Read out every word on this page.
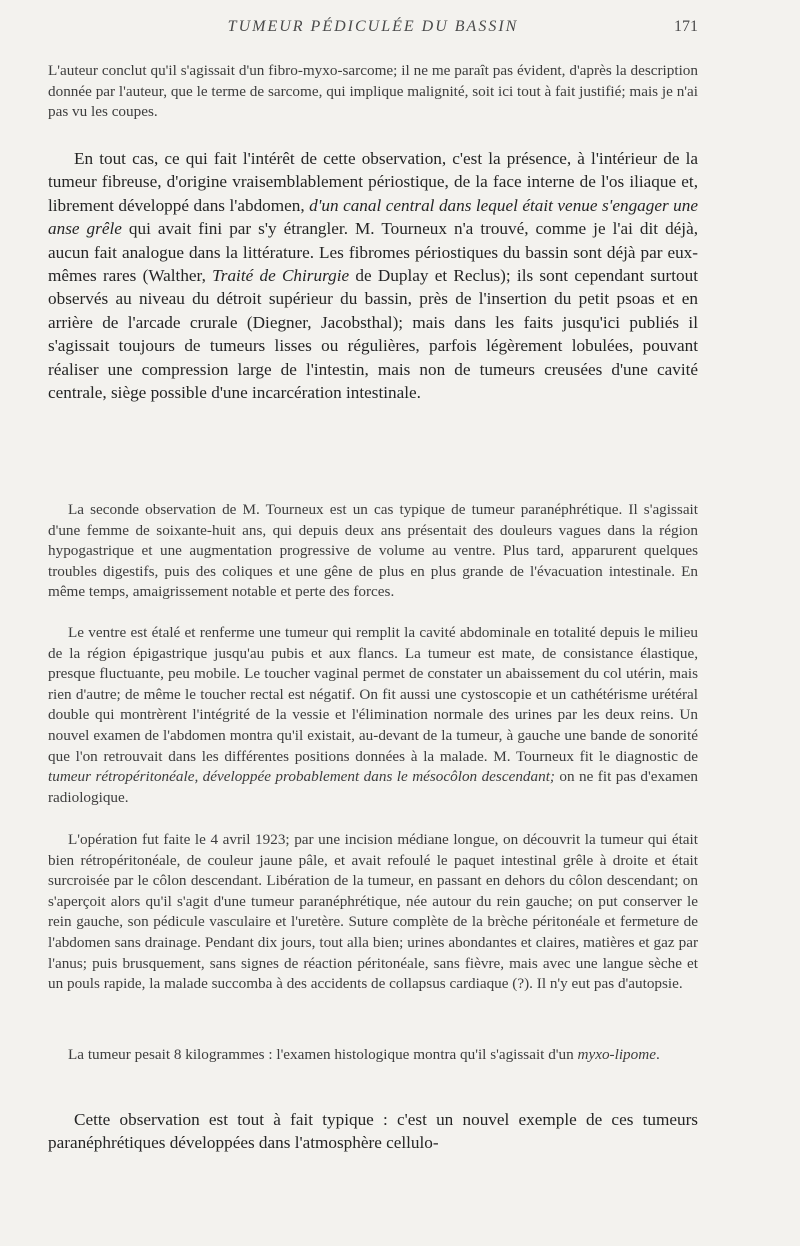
TUMEUR PÉDICULÉE DU BASSIN	171

L'auteur conclut qu'il s'agissait d'un fibro-myxo-sarcome; il ne me paraît pas évident, d'après la description donnée par l'auteur, que le terme de sarcome, qui implique malignité, soit ici tout à fait justifié; mais je n'ai pas vu les coupes.

En tout cas, ce qui fait l'intérêt de cette observation, c'est la présence, à l'intérieur de la tumeur fibreuse, d'origine vraisemblablement périostique, de la face interne de l'os iliaque et, librement développé dans l'abdomen, d'un canal central dans lequel était venue s'engager une anse grêle qui avait fini par s'y étrangler. M. Tourneux n'a trouvé, comme je l'ai dit déjà, aucun fait analogue dans la littérature. Les fibromes périostiques du bassin sont déjà par eux-mêmes rares (Walther, Traité de Chirurgie de Duplay et Reclus); ils sont cependant surtout observés au niveau du détroit supérieur du bassin, près de l'insertion du petit psoas et en arrière de l'arcade crurale (Diegner, Jacobsthal); mais dans les faits jusqu'ici publiés il s'agissait toujours de tumeurs lisses ou régulières, parfois légèrement lobulées, pouvant réaliser une compression large de l'intestin, mais non de tumeurs creusées d'une cavité centrale, siège possible d'une incarcération intestinale.

La seconde observation de M. Tourneux est un cas typique de tumeur paranéphrétique. Il s'agissait d'une femme de soixante-huit ans, qui depuis deux ans présentait des douleurs vagues dans la région hypogastrique et une augmentation progressive de volume au ventre. Plus tard, apparurent quelques troubles digestifs, puis des coliques et une gêne de plus en plus grande de l'évacuation intestinale. En même temps, amaigrissement notable et perte des forces.

Le ventre est étalé et renferme une tumeur qui remplit la cavité abdominale en totalité depuis le milieu de la région épigastrique jusqu'au pubis et aux flancs. La tumeur est mate, de consistance élastique, presque fluctuante, peu mobile. Le toucher vaginal permet de constater un abaissement du col utérin, mais rien d'autre; de même le toucher rectal est négatif. On fit aussi une cystoscopie et un cathétérisme urétéral double qui montrèrent l'intégrité de la vessie et l'élimination normale des urines par les deux reins. Un nouvel examen de l'abdomen montra qu'il existait, au-devant de la tumeur, à gauche une bande de sonorité que l'on retrouvait dans les différentes positions données à la malade. M. Tourneux fit le diagnostic de tumeur rétropéritonéale, développée probablement dans le mésocôlon descendant; on ne fit pas d'examen radiologique.

L'opération fut faite le 4 avril 1923; par une incision médiane longue, on découvrit la tumeur qui était bien rétropéritonéale, de couleur jaune pâle, et avait refoulé le paquet intestinal grêle à droite et était surcroisée par le côlon descendant. Libération de la tumeur, en passant en dehors du côlon descendant; on s'aperçoit alors qu'il s'agit d'une tumeur paranéphrétique, née autour du rein gauche; on put conserver le rein gauche, son pédicule vasculaire et l'uretère. Suture complète de la brèche péritonéale et fermeture de l'abdomen sans drainage. Pendant dix jours, tout alla bien; urines abondantes et claires, matières et gaz par l'anus; puis brusquement, sans signes de réaction péritonéale, sans fièvre, mais avec une langue sèche et un pouls rapide, la malade succomba à des accidents de collapsus cardiaque (?). Il n'y eut pas d'autopsie.

La tumeur pesait 8 kilogrammes : l'examen histologique montra qu'il s'agissait d'un myxo-lipome.

Cette observation est tout à fait typique : c'est un nouvel exemple de ces tumeurs paranéphrétiques développées dans l'atmosphère cellulo-
